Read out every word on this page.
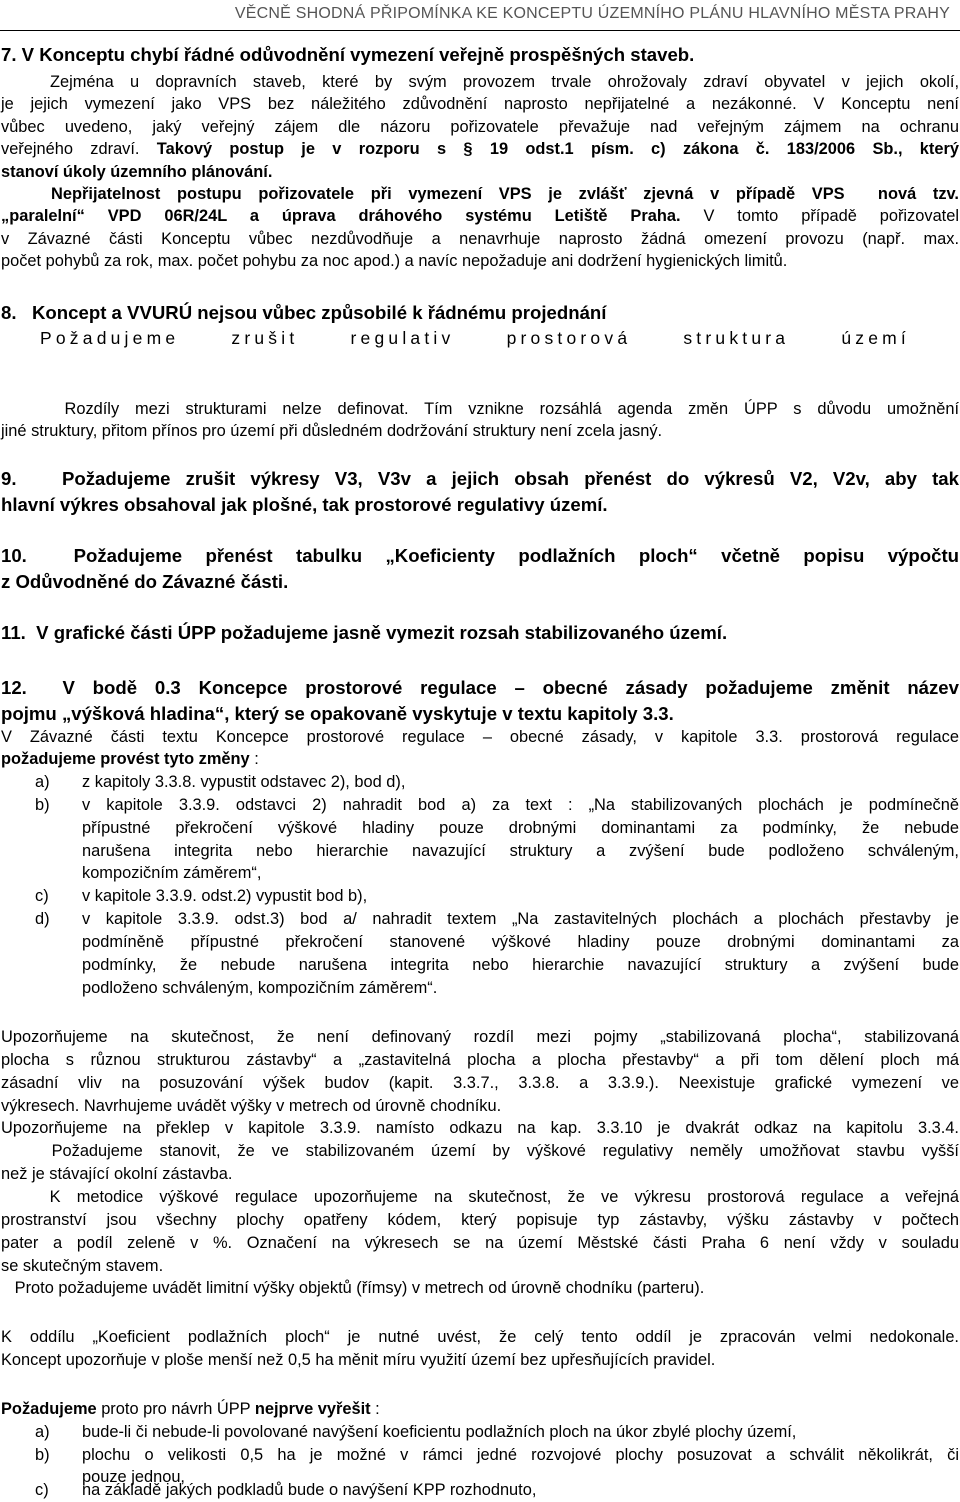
VĚCNĚ SHODNÁ PŘIPOMÍNKA KE KONCEPTU ÚZEMNÍHO PLÁNU HLAVNÍHO MĚSTA PRAHY
7. V Konceptu chybí řádné odůvodnění vymezení veřejně prospěšných staveb.
Zejména u dopravních staveb, které by svým provozem trvale ohrožovaly zdraví obyvatel v jejich okolí,
je jejich vymezení jako VPS bez náležitého zdůvodnění naprosto nepřijatelné a nezákonné. V Konceptu není
vůbec uvedeno, jaký veřejný zájem dle názoru pořizovatele převažuje nad veřejným zájmem na ochranu
veřejného zdraví. Takový postup je v rozporu s § 19 odst.1 písm. c) zákona č. 183/2006 Sb., který
stanoví úkoly územního plánování.
Nepřijatelnost postupu pořizovatele při vymezení VPS je zvlášť zjevná v případě VPS  nová tzv.
„paralelní“ VPD 06R/24L a úprava dráhového systému Letiště Praha. V tomto případě pořizovatel
v Závazné části Konceptu vůbec nezdůvodňuje a nenavrhuje naprosto žádná omezení provozu (např. max.
počet pohybů za rok, max. počet pohybu za noc apod.) a navíc nepožaduje ani dodržení hygienických limitů.
8.   Koncept a VVURÚ nejsou vůbec způsobilé k řádnému projednání
Požadujeme zrušit regulativ prostorová struktura území
Rozdíly mezi strukturami nelze definovat. Tím vznikne rozsáhlá agenda změn ÚPP s důvodu umožnění
jiné struktury, přitom přínos pro území při důsledném dodržování struktury není zcela jasný.
9.   Požadujeme zrušit výkresy V3, V3v a jejich obsah přenést do výkresů V2, V2v, aby tak
hlavní výkres obsahoval jak plošné, tak prostorové regulativy území.
10.  Požadujeme přenést tabulku „Koeficienty podlažních ploch“ včetně popisu výpočtu
z Odůvodněné do Závazné části.
11.  V grafické části ÚPP požadujeme jasně vymezit rozsah stabilizovaného území.
12.  V bodě 0.3 Koncepce prostorové regulace – obecné zásady požadujeme změnit název
pojmu „výšková hladina“, který se opakovaně vyskytuje v textu kapitoly 3.3.
V Závazné části textu Koncepce prostorové regulace – obecné zásady, v kapitole 3.3. prostorová regulace
požadujeme provést tyto změny :
a) z kapitoly 3.3.8. vypustit odstavec 2), bod d),
b) v kapitole 3.3.9. odstavci 2) nahradit bod a) za text : „Na stabilizovaných plochách je podmínečně
přípustné překročení výškové hladiny pouze drobnými dominantami za podmínky, že nebude
narušena integrita nebo hierarchie navazující struktury a zvýšení bude podloženo schváleným,
kompozičním záměrem“,
c) v kapitole 3.3.9. odst.2) vypustit bod b),
d) v kapitole 3.3.9. odst.3) bod a/ nahradit textem „Na zastavitelných plochách a plochách přestavby je
podmíněně přípustné překročení stanovené výškové hladiny pouze drobnými dominantami za
podmínky, že nebude narušena integrita nebo hierarchie navazující struktury a zvýšení bude
podloženo schváleným, kompozičním záměrem“.
Upozorňujeme na skutečnost, že není definovaný rozdíl mezi pojmy „stabilizovaná plocha“, stabilizovaná
plocha s různou strukturou zástavby“ a „zastavitelná plocha a plocha přestavby“ a při tom dělení ploch má
zásadní vliv na posuzování výšek budov (kapit. 3.3.7., 3.3.8. a 3.3.9.). Neexistuje grafické vymezení ve
výkresech. Navrhujeme uvádět výšky v metrech od úrovně chodníku.
Upozorňujeme na překlep v kapitole 3.3.9. namísto odkazu na kap. 3.3.10 je dvakrát odkaz na kapitolu 3.3.4.
Požadujeme stanovit, že ve stabilizovaném území by výškové regulativy neměly umožňovat stavbu vyšší
než je stávající okolní zástavba.
K metodice výškové regulace upozorňujeme na skutečnost, že ve výkresu prostorová regulace a veřejná
prostranství jsou všechny plochy opatřeny kódem, který popisuje typ zástavby, výšku zástavby v počtech
pater a podíl zeleně v %. Označení na výkresech se na území Městské části Praha 6 není vždy v souladu
se skutečným stavem.
Proto požadujeme uvádět limitní výšky objektů (římsy) v metrech od úrovně chodníku (parteru).
K oddílu „Koeficient podlažních ploch“ je nutné uvést, že celý tento oddíl je zpracován velmi nedokonale.
Koncept upozorňuje v ploše menší než 0,5 ha měnit míru využití území bez upřesňujících pravidel.
Požadujeme proto pro návrh ÚPP nejprve vyřešit :
a) bude-li či nebude-li povolované navýšení koeficientu podlažních ploch na úkor zbylé plochy území,
b) plochu o velikosti 0,5 ha je možné v rámci jedné rozvojové plochy posuzovat a schválit několikrát, či
pouze jednou,
c) na základě jakých podkladů bude o navýšení KPP rozhodnuto,
